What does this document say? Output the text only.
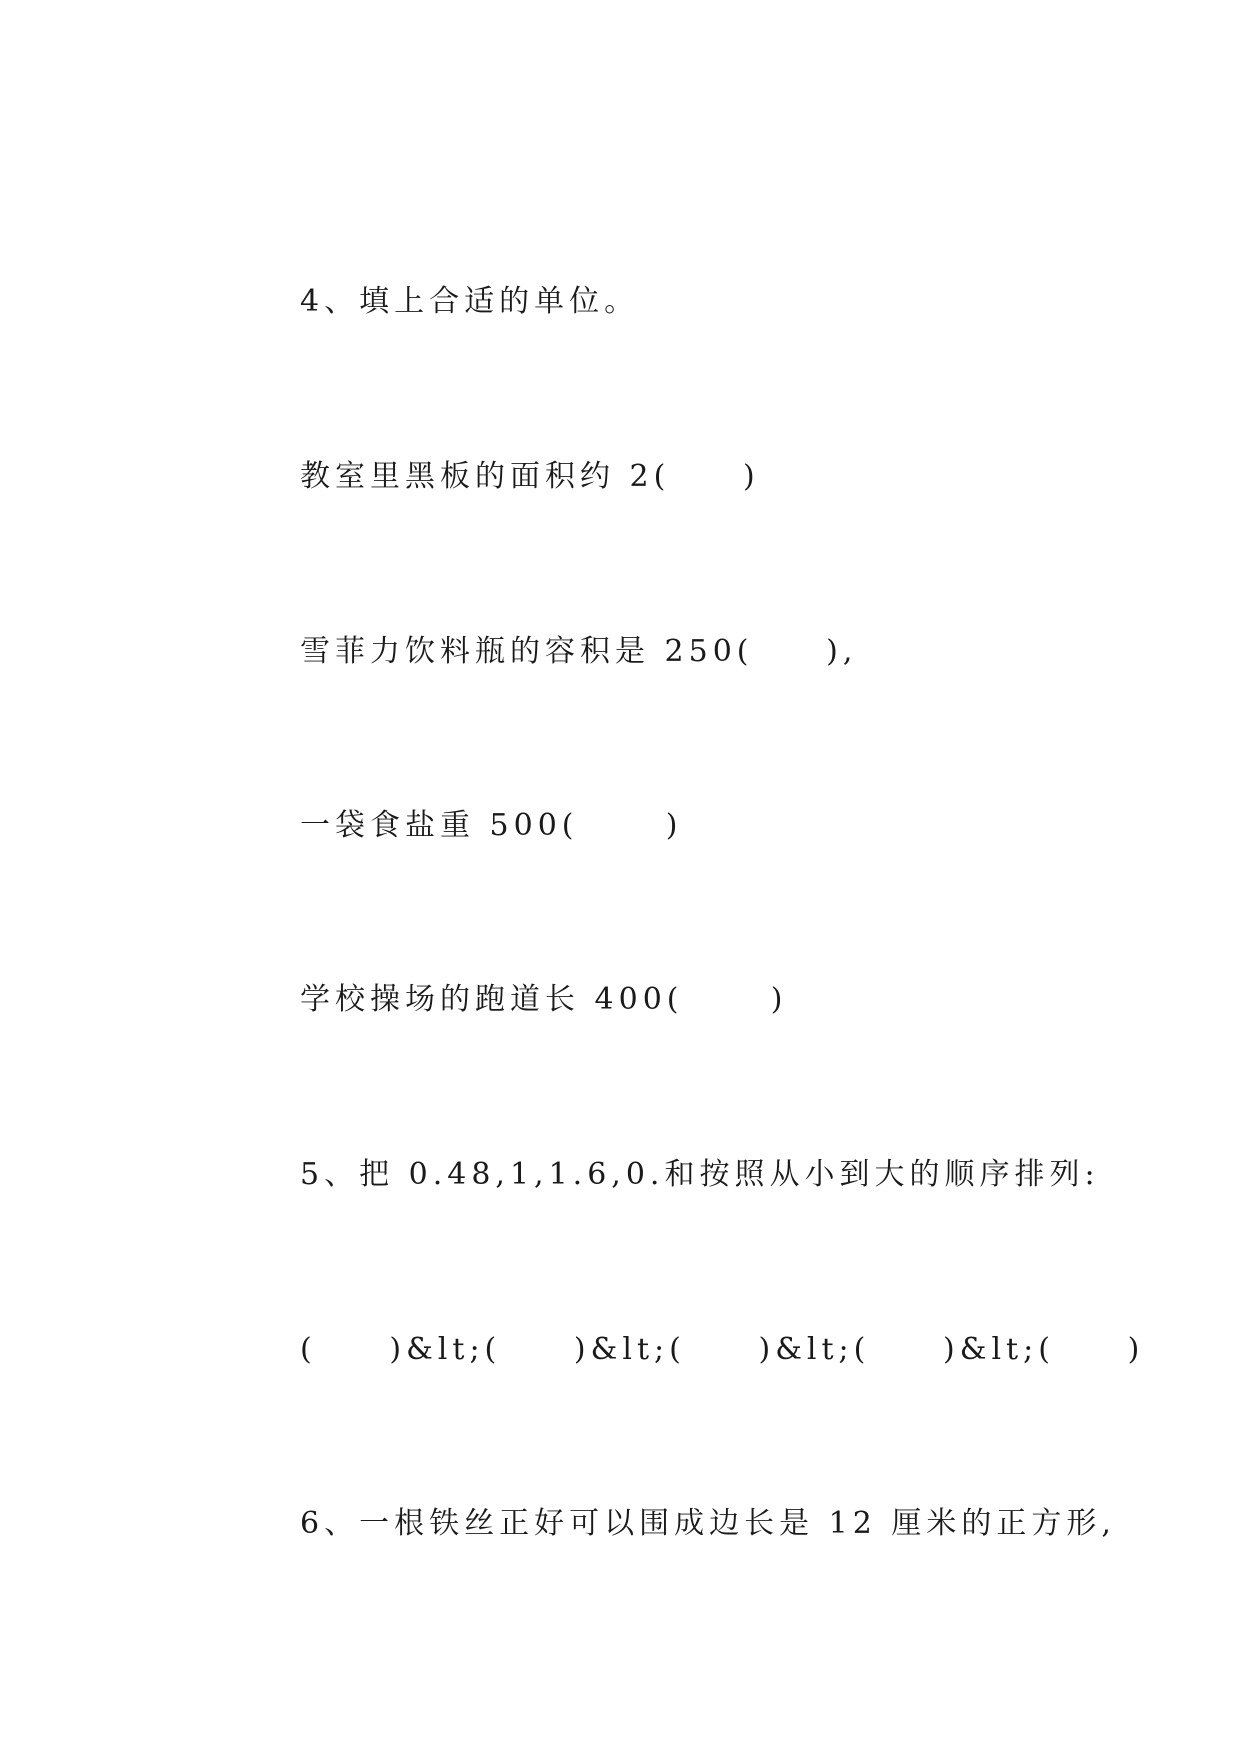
4、填上合适的单位。
教室里黑板的面积约 2(     )
雪菲力饮料瓶的容积是 250(     ),
一袋食盐重 500(      )
学校操场的跑道长 400(      )
5、把 0.48,1,1.6,0.和按照从小到大的顺序排列:
(     )&lt;(     )&lt;(     )&lt;(     )&lt;(     )
6、一根铁丝正好可以围成边长是 12 厘米的正方形,
